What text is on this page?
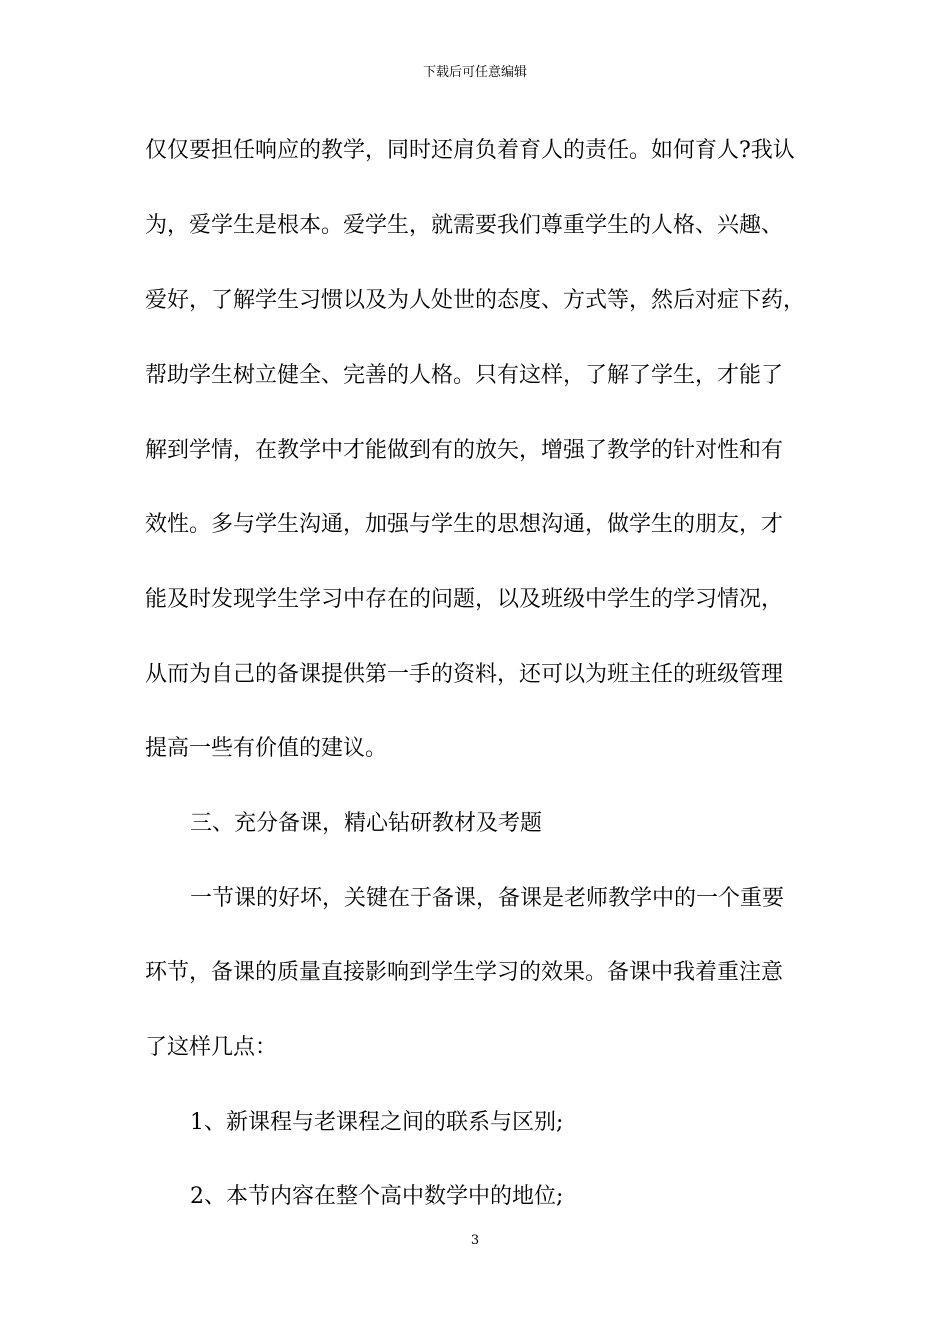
下载后可任意编辑
仅仅要担任响应的教学，同时还肩负着育人的责任。如何育人?我认
为，爱学生是根本。爱学生，就需要我们尊重学生的人格、兴趣、
爱好，了解学生习惯以及为人处世的态度、方式等，然后对症下药，
帮助学生树立健全、完善的人格。只有这样，了解了学生，才能了
解到学情，在教学中才能做到有的放矢，增强了教学的针对性和有
效性。多与学生沟通，加强与学生的思想沟通，做学生的朋友，才
能及时发现学生学习中存在的问题，以及班级中学生的学习情况，
从而为自己的备课提供第一手的资料，还可以为班主任的班级管理
提高一些有价值的建议。
三、充分备课，精心钻研教材及考题
一节课的好坏，关键在于备课，备课是老师教学中的一个重要
环节，备课的质量直接影响到学生学习的效果。备课中我着重注意
了这样几点：
1、新课程与老课程之间的联系与区别;
2、本节内容在整个高中数学中的地位;
3
